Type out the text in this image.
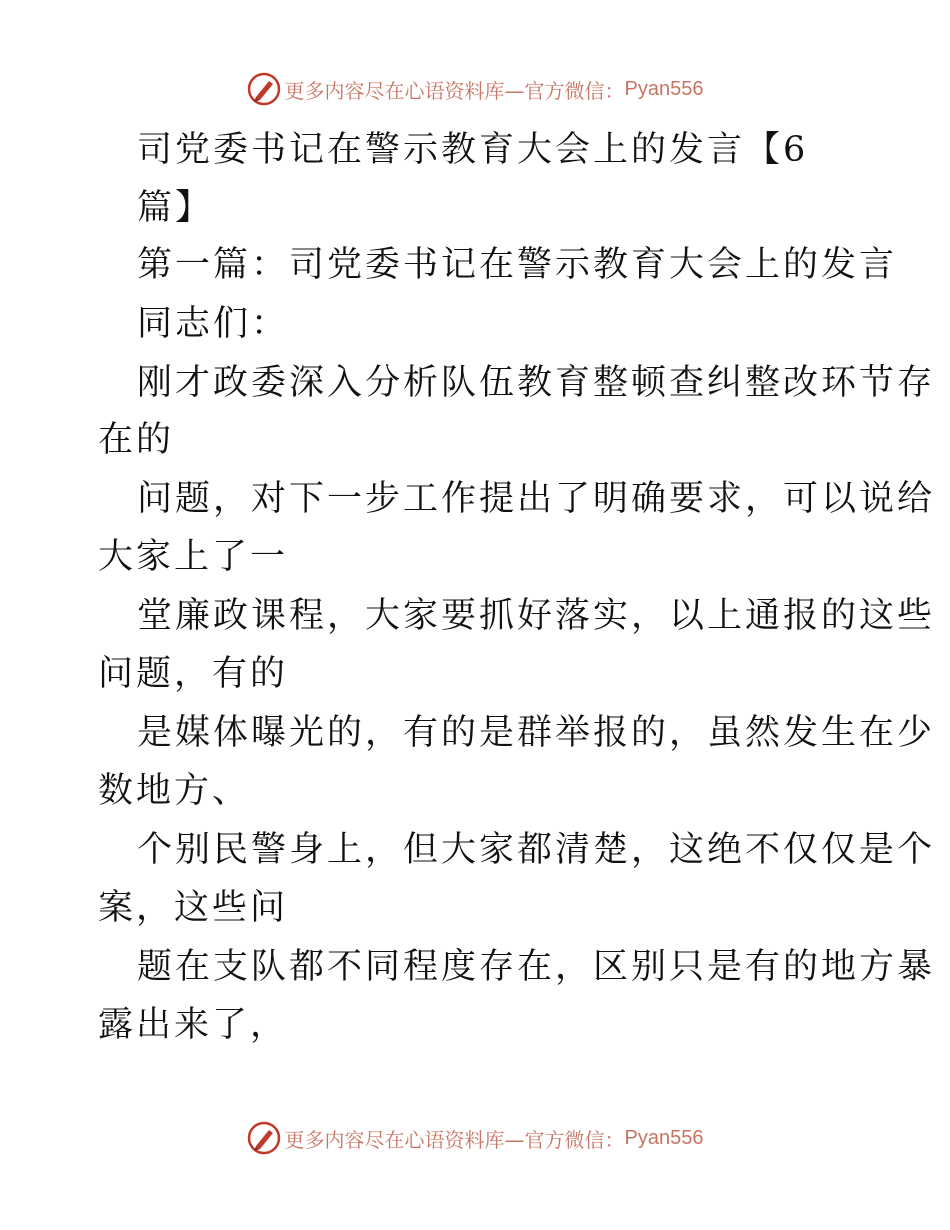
更多内容尽在心语资料库—官方微信： Pyan556
司党委书记在警示教育大会上的发言【6
篇】
第一篇：司党委书记在警示教育大会上的发言
同志们：
刚才政委深入分析队伍教育整顿查纠整改环节存
在的
问题，对下一步工作提出了明确要求，可以说给
大家上了一
堂廉政课程，大家要抓好落实，以上通报的这些
问题，有的
是媒体曝光的，有的是群举报的，虽然发生在少
数地方、
个别民警身上，但大家都清楚，这绝不仅仅是个
案，这些问
题在支队都不同程度存在，区别只是有的地方暴
露出来了，
更多内容尽在心语资料库—官方微信： Pyan556
